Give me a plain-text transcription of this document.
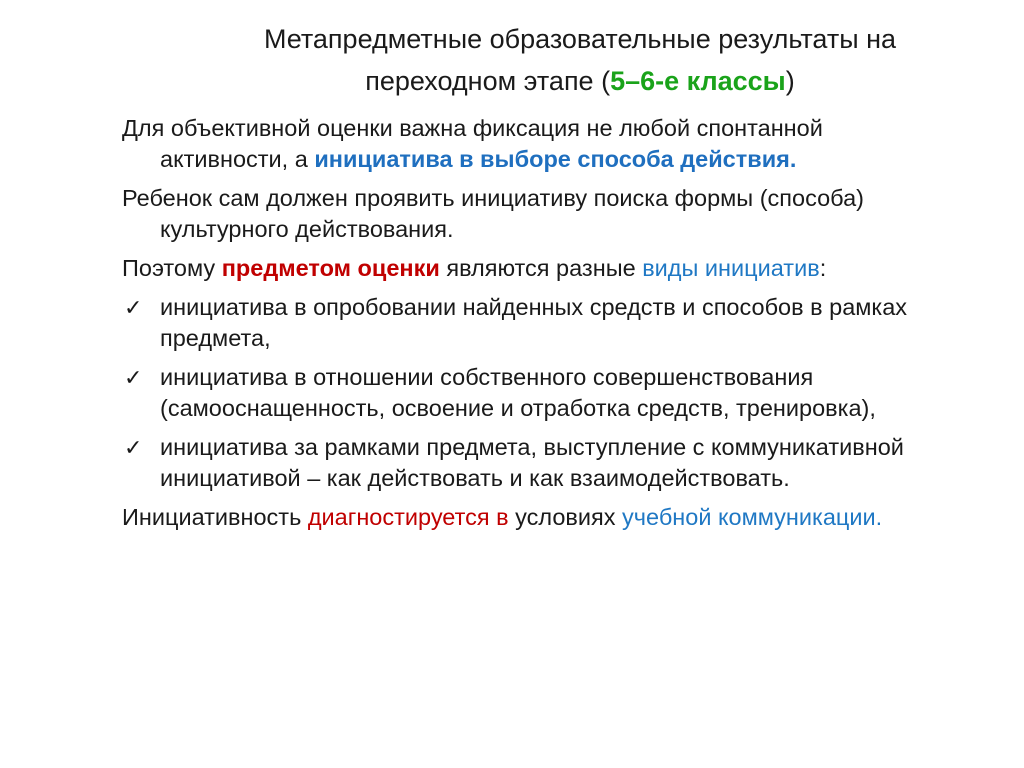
Метапредметные образовательные результаты на
переходном этапе (5–6-е классы)
Для объективной оценки важна фиксация не любой спонтанной активности, а инициатива в выборе способа действия.
Ребенок сам должен проявить инициативу поиска формы (способа) культурного действования.
Поэтому предметом оценки являются разные виды инициатив:
✓ инициатива в опробовании найденных средств и способов в рамках предмета,
✓ инициатива в отношении собственного совершенствования (самооснащенность, освоение и отработка средств, тренировка),
✓ инициатива за рамками предмета, выступление с коммуникативной инициативой – как действовать и как взаимодействовать.
Инициативность диагностируется в условиях учебной коммуникации.
